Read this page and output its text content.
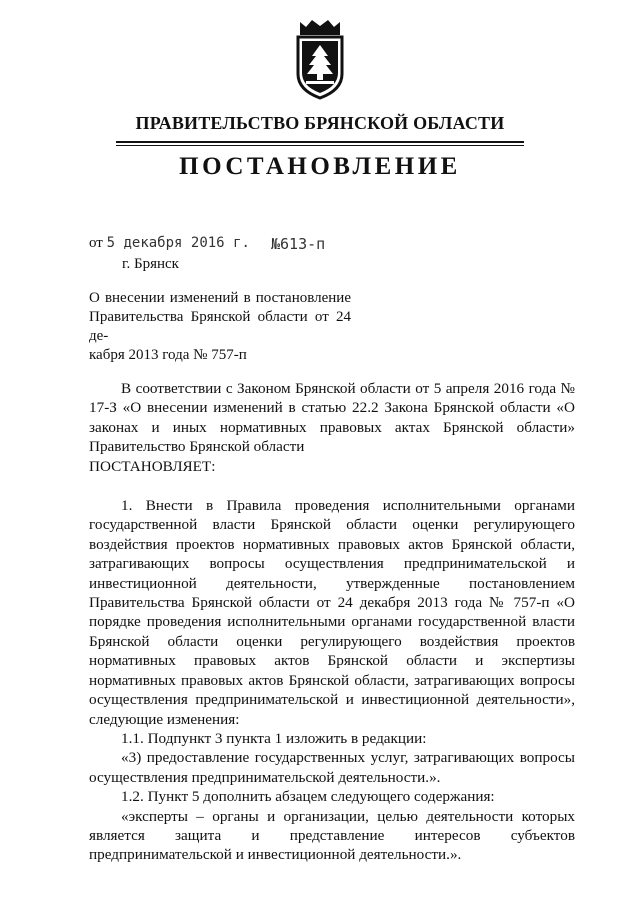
ПРАВИТЕЛЬСТВО БРЯНСКОЙ ОБЛАСТИ
ПОСТАНОВЛЕНИЕ
от 5 декабря 2016 г. №613-п
г. Брянск
О внесении изменений в постановление
Правительства Брянской области от 24 де-
кабря 2013 года № 757-п

В соответствии с Законом Брянской области от 5 апреля 2016 года № 17-З «О внесении изменений в статью 22.2 Закона Брянской области «О законах и иных нормативных правовых актах Брянской области» Правительство Брянской области

ПОСТАНОВЛЯЕТ:

1. Внести в Правила проведения исполнительными органами государственной власти Брянской области оценки регулирующего воздействия проектов нормативных правовых актов Брянской области, затрагивающих вопросы осуществления предпринимательской и инвестиционной деятельности, утвержденные постановлением Правительства Брянской области от 24 декабря 2013 года № 757-п «О порядке проведения исполнительными органами государственной власти Брянской области оценки регулирующего воздействия проектов нормативных правовых актов Брянской области и экспертизы нормативных правовых актов Брянской области, затрагивающих вопросы осуществления предпринимательской и инвестиционной деятельности», следующие изменения:

1.1. Подпункт 3 пункта 1 изложить в редакции:

«3) предоставление государственных услуг, затрагивающих вопросы осуществления предпринимательской деятельности.».

1.2. Пункт 5 дополнить абзацем следующего содержания:

«эксперты – органы и организации, целью деятельности которых является защита и представление интересов субъектов предпринимательской и инвестиционной деятельности.».
